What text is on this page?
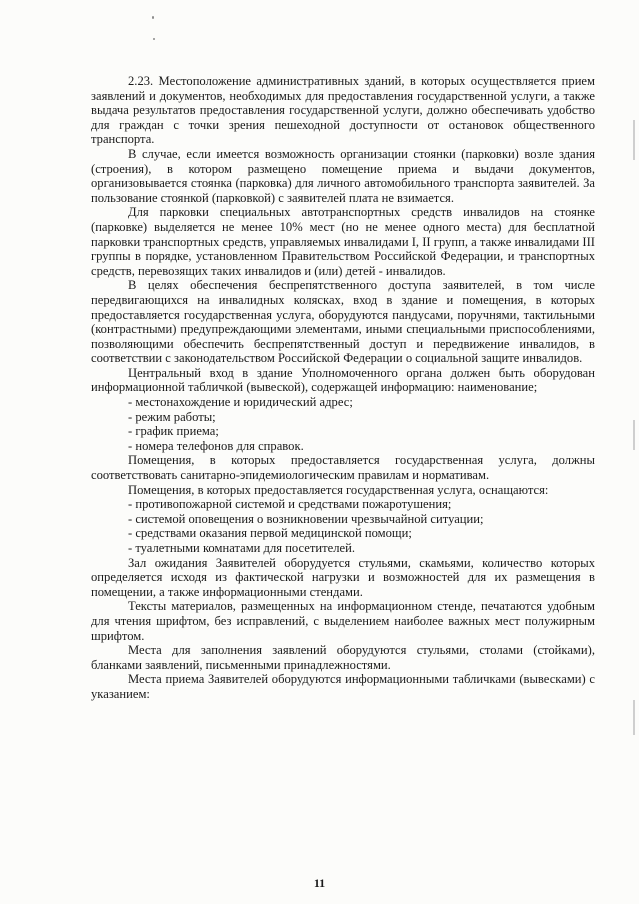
2.23. Местоположение административных зданий, в которых осуществляется прием заявлений и документов, необходимых для предоставления государственной услуги, а также выдача результатов предоставления государственной услуги, должно обеспечивать удобство для граждан с точки зрения пешеходной доступности от остановок общественного транспорта.

В случае, если имеется возможность организации стоянки (парковки) возле здания (строения), в котором размещено помещение приема и выдачи документов, организовывается стоянка (парковка) для личного автомобильного транспорта заявителей. За пользование стоянкой (парковкой) с заявителей плата не взимается.

Для парковки специальных автотранспортных средств инвалидов на стоянке (парковке) выделяется не менее 10% мест (но не менее одного места) для бесплатной парковки транспортных средств, управляемых инвалидами I, II групп, а также инвалидами III группы в порядке, установленном Правительством Российской Федерации, и транспортных средств, перевозящих таких инвалидов и (или) детей - инвалидов.

В целях обеспечения беспрепятственного доступа заявителей, в том числе передвигающихся на инвалидных колясках, вход в здание и помещения, в которых предоставляется государственная услуга, оборудуются пандусами, поручнями, тактильными (контрастными) предупреждающими элементами, иными специальными приспособлениями, позволяющими обеспечить беспрепятственный доступ и передвижение инвалидов, в соответствии с законодательством Российской Федерации о социальной защите инвалидов.

Центральный вход в здание Уполномоченного органа должен быть оборудован информационной табличкой (вывеской), содержащей информацию: наименование;

- местонахождение и юридический адрес;

- режим работы;

- график приема;

- номера телефонов для справок.

Помещения, в которых предоставляется государственная услуга, должны соответствовать санитарно-эпидемиологическим правилам и нормативам.

Помещения, в которых предоставляется государственная услуга, оснащаются:

- противопожарной системой и средствами пожаротушения;

- системой оповещения о возникновении чрезвычайной ситуации;

- средствами оказания первой медицинской помощи;

- туалетными комнатами для посетителей.

Зал ожидания Заявителей оборудуется стульями, скамьями, количество которых определяется исходя из фактической нагрузки и возможностей для их размещения в помещении, а также информационными стендами.

Тексты материалов, размещенных на информационном стенде, печатаются удобным для чтения шрифтом, без исправлений, с выделением наиболее важных мест полужирным шрифтом.

Места для заполнения заявлений оборудуются стульями, столами (стойками), бланками заявлений, письменными принадлежностями.

Места приема Заявителей оборудуются информационными табличками (вывесками) с указанием:

11
